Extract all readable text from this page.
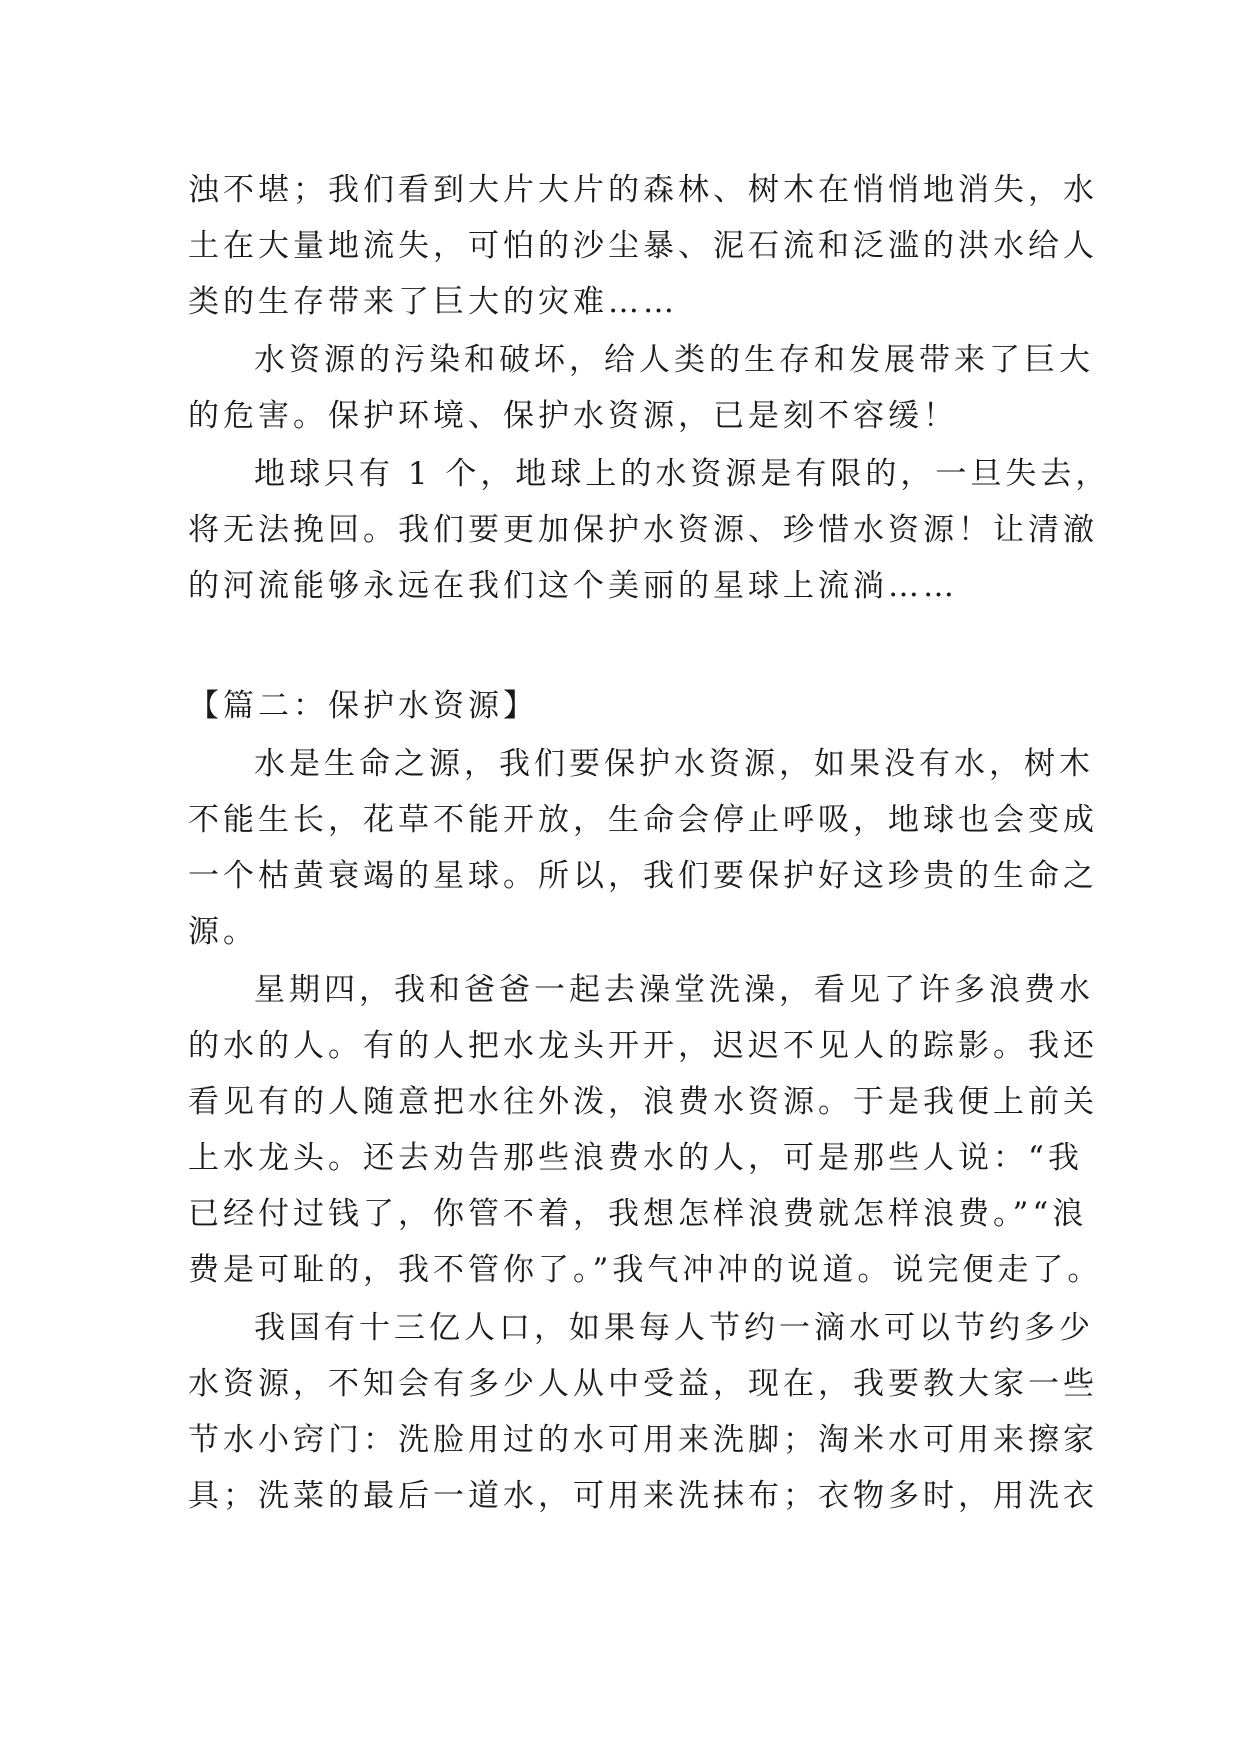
浊不堪；我们看到大片大片的森林、树木在悄悄地消失，水
土在大量地流失，可怕的沙尘暴、泥石流和泛滥的洪水给人
类的生存带来了巨大的灾难……
水资源的污染和破坏，给人类的生存和发展带来了巨大
的危害。保护环境、保护水资源，已是刻不容缓！
地球只有 1 个，地球上的水资源是有限的，一旦失去，
将无法挽回。我们要更加保护水资源、珍惜水资源！让清澈
的河流能够永远在我们这个美丽的星球上流淌……
【篇二：保护水资源】
水是生命之源，我们要保护水资源，如果没有水，树木
不能生长，花草不能开放，生命会停止呼吸，地球也会变成
一个枯黄衰竭的星球。所以，我们要保护好这珍贵的生命之
源。
星期四，我和爸爸一起去澡堂洗澡，看见了许多浪费水
的水的人。有的人把水龙头开开，迟迟不见人的踪影。我还
看见有的人随意把水往外泼，浪费水资源。于是我便上前关
上水龙头。还去劝告那些浪费水的人，可是那些人说：“我
已经付过钱了，你管不着，我想怎样浪费就怎样浪费。”“浪
费是可耻的，我不管你了。”我气冲冲的说道。说完便走了。
我国有十三亿人口，如果每人节约一滴水可以节约多少
水资源，不知会有多少人从中受益，现在，我要教大家一些
节水小窍门：洗脸用过的水可用来洗脚；淘米水可用来擦家
具；洗菜的最后一道水，可用来洗抹布；衣物多时，用洗衣
